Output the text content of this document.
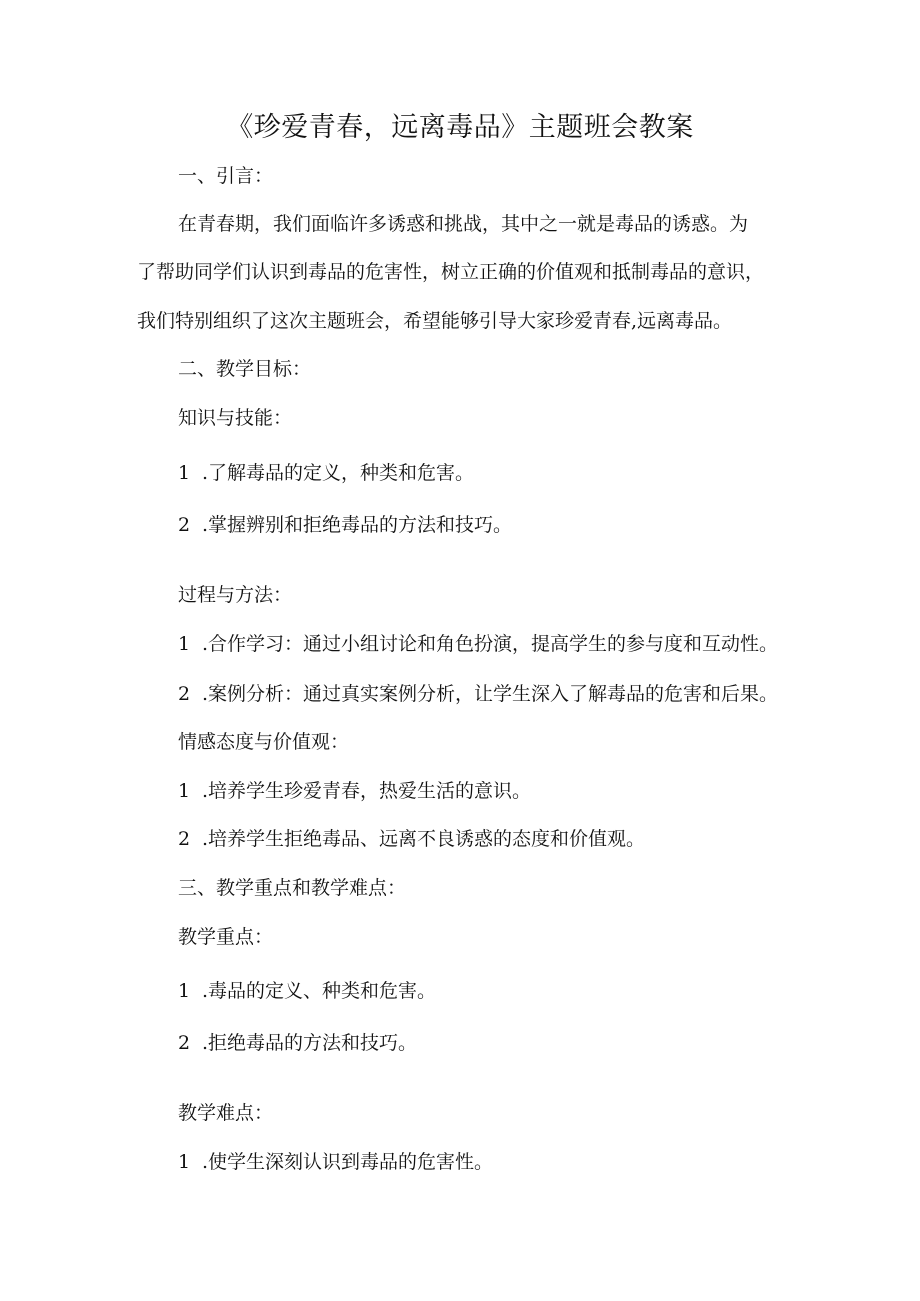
《珍爱青春，远离毒品》主题班会教案
一、引言：
在青春期，我们面临许多诱惑和挑战，其中之一就是毒品的诱惑。为
了帮助同学们认识到毒品的危害性，树立正确的价值观和抵制毒品的意识，
我们特别组织了这次主题班会，希望能够引导大家珍爱青春,远离毒品。
二、教学目标：
知识与技能：
1 .了解毒品的定义，种类和危害。
2 .掌握辨别和拒绝毒品的方法和技巧。
过程与方法：
1 .合作学习：通过小组讨论和角色扮演，提高学生的参与度和互动性。
2 .案例分析：通过真实案例分析，让学生深入了解毒品的危害和后果。
情感态度与价值观：
1 .培养学生珍爱青春，热爱生活的意识。
2 .培养学生拒绝毒品、远离不良诱惑的态度和价值观。
三、教学重点和教学难点：
教学重点：
1 .毒品的定义、种类和危害。
2 .拒绝毒品的方法和技巧。
教学难点：
1 .使学生深刻认识到毒品的危害性。
